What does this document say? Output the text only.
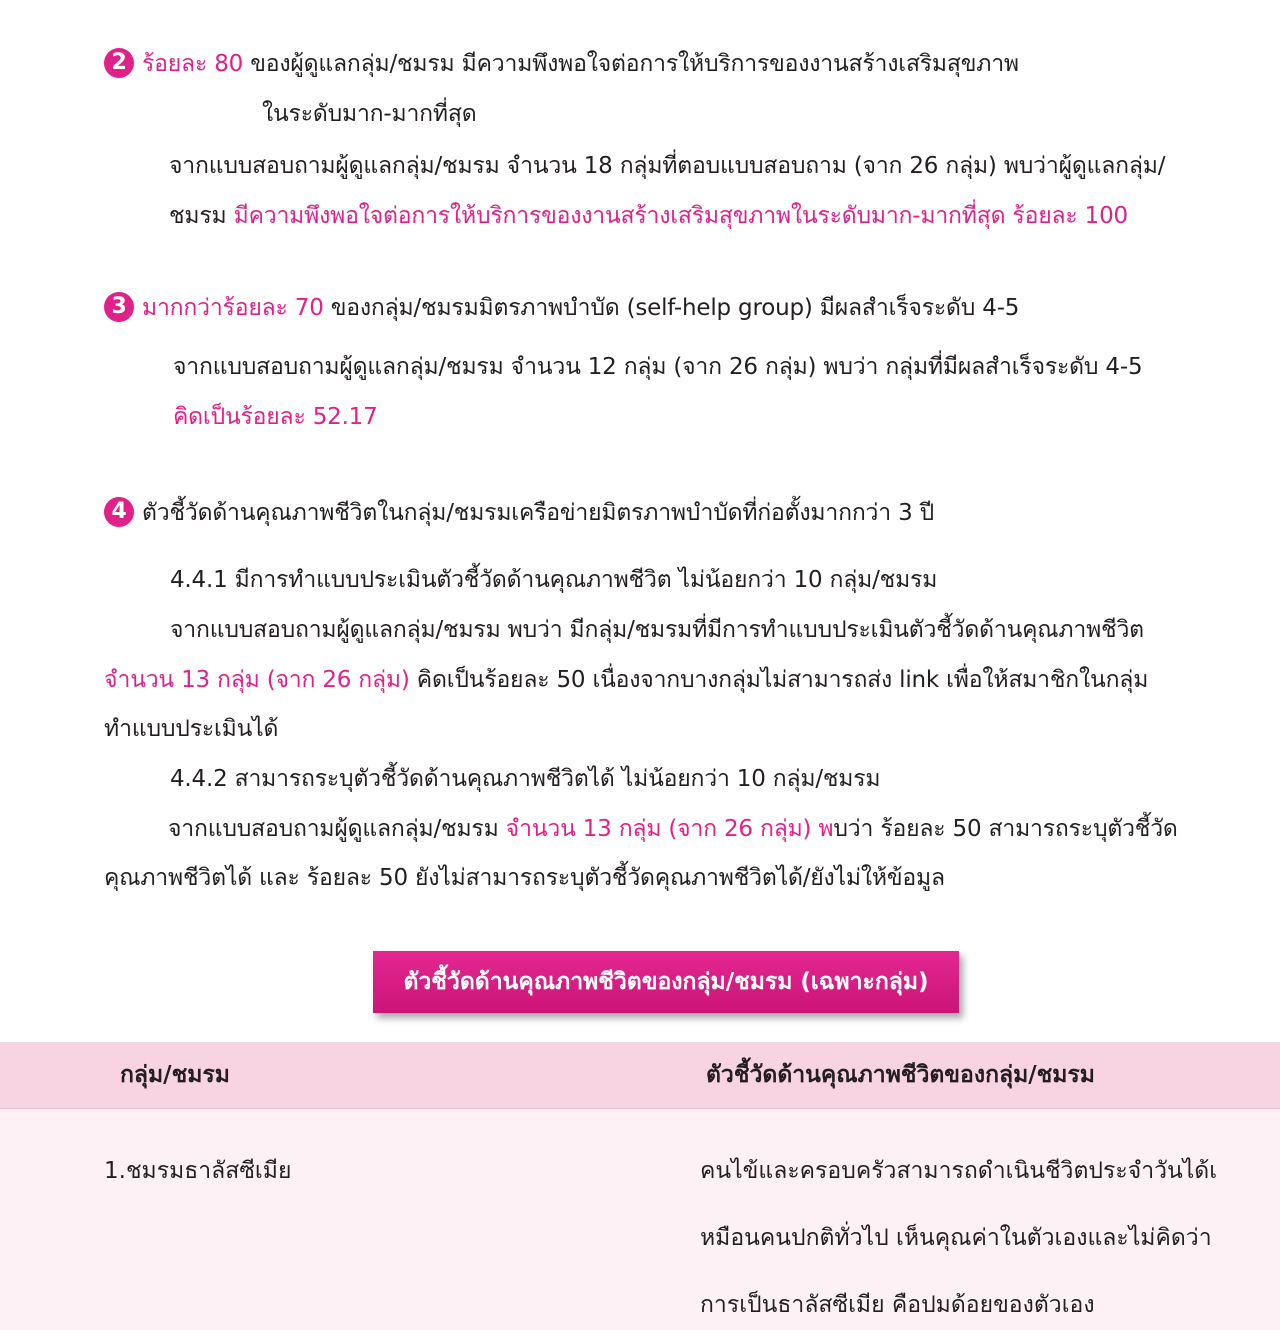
2 ร้อยละ 80 ของผู้ดูแลกลุ่ม/ชมรม มีความพึงพอใจต่อการให้บริการของงานสร้างเสริมสุขภาพ
ในระดับมาก-มากที่สุด
จากแบบสอบถามผู้ดูแลกลุ่ม/ชมรม จำนวน 18 กลุ่มที่ตอบแบบสอบถาม (จาก 26 กลุ่ม) พบว่าผู้ดูแลกลุ่ม/
ชมรม มีความพึงพอใจต่อการให้บริการของงานสร้างเสริมสุขภาพในระดับมาก-มากที่สุด ร้อยละ 100
3 มากกว่าร้อยละ 70 ของกลุ่ม/ชมรมมิตรภาพบำบัด (self-help group) มีผลสำเร็จระดับ 4-5
จากแบบสอบถามผู้ดูแลกลุ่ม/ชมรม จำนวน 12 กลุ่ม (จาก 26 กลุ่ม) พบว่า กลุ่มที่มีผลสำเร็จระดับ 4-5
คิดเป็นร้อยละ 52.17
4 ตัวชี้วัดด้านคุณภาพชีวิตในกลุ่ม/ชมรมเครือข่ายมิตรภาพบำบัดที่ก่อตั้งมากกว่า 3 ปี
4.4.1 มีการทำแบบประเมินตัวชี้วัดด้านคุณภาพชีวิต ไม่น้อยกว่า 10 กลุ่ม/ชมรม
จากแบบสอบถามผู้ดูแลกลุ่ม/ชมรม พบว่า มีกลุ่ม/ชมรมที่มีการทำแบบประเมินตัวชี้วัดด้านคุณภาพชีวิต
จำนวน 13 กลุ่ม (จาก 26 กลุ่ม) คิดเป็นร้อยละ 50 เนื่องจากบางกลุ่มไม่สามารถส่ง link เพื่อให้สมาชิกในกลุ่ม
ทำแบบประเมินได้
4.4.2 สามารถระบุตัวชี้วัดด้านคุณภาพชีวิตได้ ไม่น้อยกว่า 10 กลุ่ม/ชมรม
จากแบบสอบถามผู้ดูแลกลุ่ม/ชมรม จำนวน 13 กลุ่ม (จาก 26 กลุ่ม) พบว่า ร้อยละ 50 สามารถระบุตัวชี้วัด
คุณภาพชีวิตได้ และ ร้อยละ 50 ยังไม่สามารถระบุตัวชี้วัดคุณภาพชีวิตได้/ยังไม่ให้ข้อมูล
ตัวชี้วัดด้านคุณภาพชีวิตของกลุ่ม/ชมรม (เฉพาะกลุ่ม)
กลุ่ม/ชมรม	ตัวชี้วัดด้านคุณภาพชีวิตของกลุ่ม/ชมรม
1.ชมรมธาลัสซีเมีย	คนไข้และครอบครัวสามารถดำเนินชีวิตประจำวันได้เ
หมือนคนปกติทั่วไป เห็นคุณค่าในตัวเองและไม่คิดว่า
การเป็นธาลัสซีเมีย คือปมด้อยของตัวเอง
